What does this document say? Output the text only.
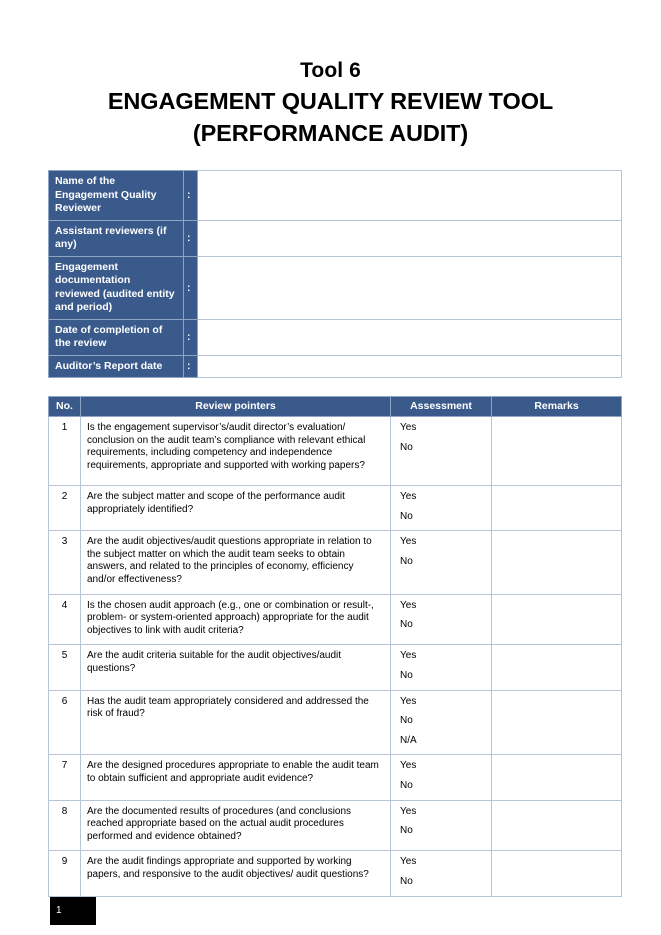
Tool 6
ENGAGEMENT QUALITY REVIEW TOOL
(PERFORMANCE AUDIT)
Name of the Engagement Quality Reviewer	:	
Assistant reviewers (if any)	:	
Engagement documentation reviewed (audited entity and period)	:	
Date of completion of the review	:	
Auditor’s Report date	:	
No.	Review pointers	Assessment	Remarks
1	Is the engagement supervisor’s/audit director’s evaluation/ conclusion on the audit team’s compliance with relevant ethical requirements, including competency and independence requirements, appropriate and supported with working papers?	Yes
No	

2	Are the subject matter and scope of the performance audit appropriately identified?	Yes
No	

3	Are the audit objectives/audit questions appropriate in relation to the subject matter on which the audit team seeks to obtain answers, and related to the principles of economy, efficiency and/or effectiveness?	Yes
No	

4	Is the chosen audit approach (e.g., one or combination or result-, problem- or system-oriented approach) appropriate for the audit objectives to link with audit criteria?	Yes
No	

5	Are the audit criteria suitable for the audit objectives/audit questions?	Yes
No	

6	Has the audit team appropriately considered and addressed the risk of fraud?	Yes
No
N/A	

7	Are the designed procedures appropriate to enable the audit team to obtain sufficient and appropriate audit evidence?	Yes
No	

8	Are the documented results of procedures (and conclusions reached appropriate based on the actual audit procedures performed and evidence obtained?	Yes
No	

9	Are the audit findings appropriate and supported by working papers, and responsive to the audit objectives/ audit questions?	Yes
No	

1
